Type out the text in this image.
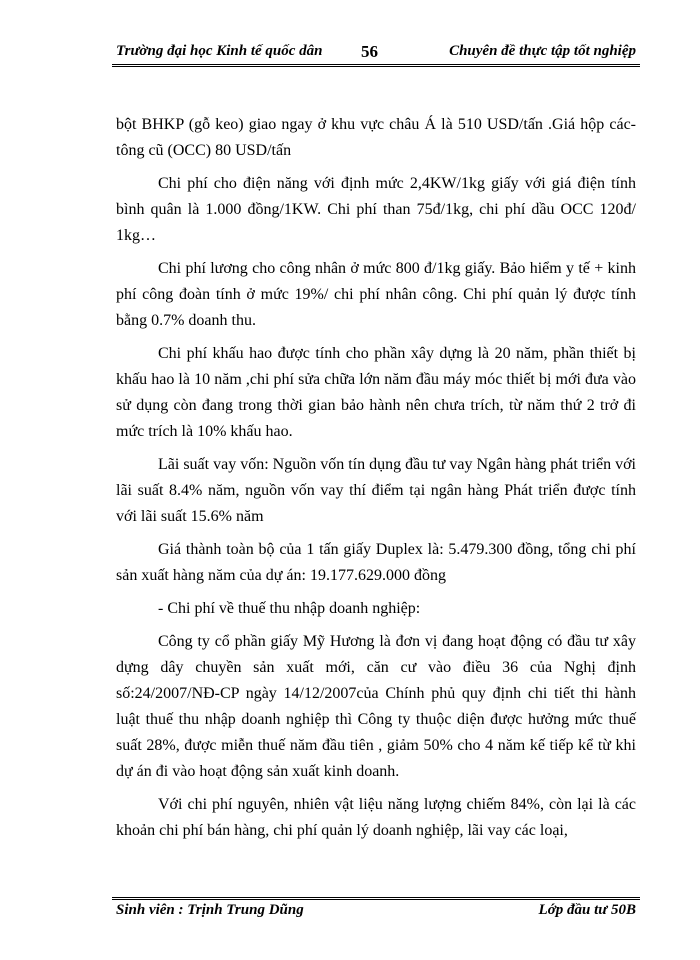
Trường đại học Kinh tế quốc dân 56	Chuyên đề thực tập tốt nghiệp

bột BHKP (gỗ keo) giao ngay ở khu vực châu Á là 510 USD/tấn .Giá hộp các-tông cũ (OCC) 80 USD/tấn

Chi phí cho điện năng với định mức 2,4KW/1kg giấy với giá điện tính bình quân là 1.000 đồng/1KW. Chi phí than 75đ/1kg, chi phí dầu OCC 120đ/ 1kg…

Chi phí lương cho công nhân ở mức 800 đ/1kg giấy. Bảo hiểm y tế + kinh phí công đoàn tính ở mức 19%/ chi phí nhân công. Chi phí quản lý được tính bằng 0.7% doanh thu.

Chi phí khấu hao được tính cho phần xây dựng là 20 năm, phần thiết bị khấu hao là 10 năm ,chi phí sửa chữa lớn năm đầu máy móc thiết bị mới đưa vào sử dụng còn đang trong thời gian bảo hành nên chưa trích, từ năm thứ 2 trở đi mức trích là 10% khấu hao.

Lãi suất vay vốn: Nguồn vốn tín dụng đầu tư vay Ngân hàng phát triển với lãi suất 8.4% năm, nguồn vốn vay thí điểm tại ngân hàng Phát triển được tính với lãi suất 15.6% năm

Giá thành toàn bộ của 1 tấn giấy Duplex là: 5.479.300 đồng, tổng chi phí sản xuất hàng năm của dự án: 19.177.629.000 đồng

- Chi phí về thuế thu nhập doanh nghiệp:

Công ty cổ phần giấy Mỹ Hương là đơn vị đang hoạt động có đầu tư xây dựng dây chuyền sản xuất mới, căn cư vào điều 36 của Nghị định số:24/2007/NĐ-CP ngày 14/12/2007của Chính phủ quy định chi tiết thi hành luật thuế thu nhập doanh nghiệp thì Công ty thuộc diện được hưởng mức thuế suất 28%, được miễn thuế năm đầu tiên , giảm 50% cho 4 năm kế tiếp kể từ khi dự án đi vào hoạt động sản xuất kinh doanh.

Với chi phí nguyên, nhiên vật liệu năng lượng chiếm 84%, còn lại là các khoản chi phí bán hàng, chi phí quản lý doanh nghiệp, lãi vay các loại,

Sinh viên : Trịnh Trung Dũng	Lớp đầu tư 50B
